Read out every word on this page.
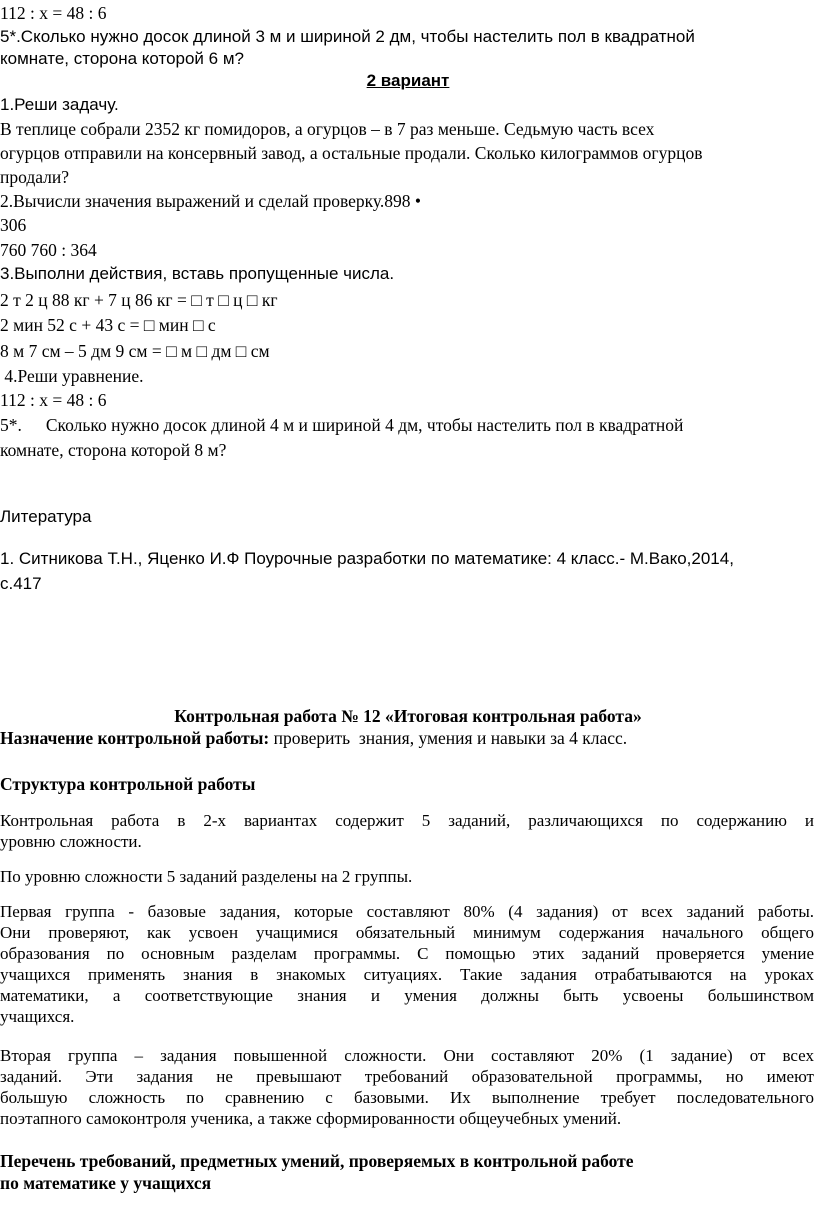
112 : х = 48 : 6
5*.Сколько нужно досок длиной 3 м и шириной 2 дм, чтобы настелить пол в квадратной
комнате, сторона которой 6 м?
2 вариант
1.Реши задачу.
В теплице собрали 2352 кг помидоров, а огурцов – в 7 раз меньше. Седьмую часть всех
огурцов отправили на консервный завод, а остальные продали. Сколько килограммов огурцов
продали?
2.Вычисли значения выражений и сделай проверку.898 •
306
760 760 : 364
3.Выполни действия, вставь пропущенные числа.
2 т 2 ц 88 кг + 7 ц 86 кг = □ т □ ц □ кг
2 мин 52 с + 43 с = □ мин □ с
8 м 7 см – 5 дм 9 см = □ м □ дм □ см
4.Реши уравнение.
112 : х = 48 : 6
5*. Сколько нужно досок длиной 4 м и шириной 4 дм, чтобы настелить пол в квадратной
комнате, сторона которой 8 м?
Литература
1. Ситникова Т.Н., Яценко И.Ф Поурочные разработки по математике: 4 класс.- М.Вако,2014,
с.417
Контрольная работа № 12 «Итоговая контрольная работа»
Назначение контрольной работы: проверить  знания, умения и навыки за 4 класс.
Структура контрольной работы
Контрольная работа в 2-х вариантах содержит 5 заданий, различающихся по содержанию и
уровню сложности.
По уровню сложности 5 заданий разделены на 2 группы.
Первая группа - базовые задания, которые составляют 80% (4 задания) от всех заданий работы.
Они проверяют, как усвоен учащимися обязательный минимум содержания начального общего
образования по основным разделам программы. С помощью этих заданий проверяется умение
учащихся применять знания в знакомых ситуациях. Такие задания отрабатываются на уроках
математики, а соответствующие знания и умения должны быть усвоены большинством
учащихся.
Вторая группа – задания повышенной сложности. Они составляют 20% (1 задание) от всех
заданий. Эти задания не превышают требований образовательной программы, но имеют
большую сложность по сравнению с базовыми. Их выполнение требует последовательного
поэтапного самоконтроля ученика, а также сформированности общеучебных умений.
Перечень требований, предметных умений, проверяемых в контрольной работе
по математике у учащихся
